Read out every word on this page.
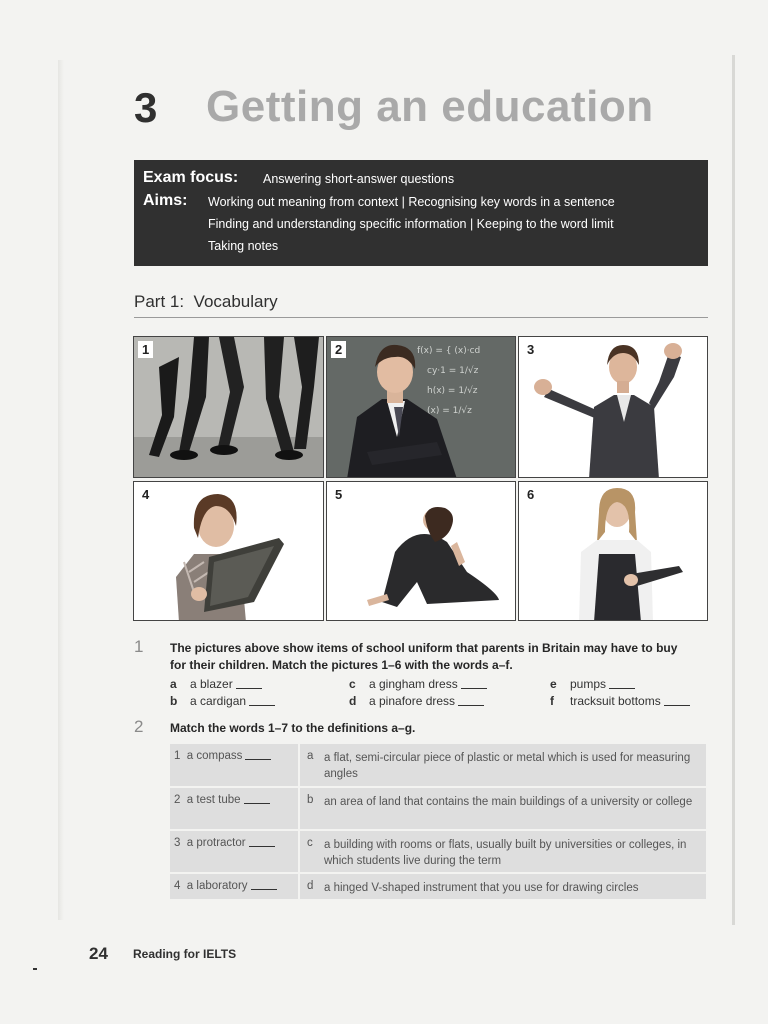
3 Getting an education
Exam focus: Answering short-answer questions
Aims: Working out meaning from context | Recognising key words in a sentence
Finding and understanding specific information | Keeping to the word limit
Taking notes
Part 1: Vocabulary
1	f(x) = { (x)·cd
cy·1 = 1/√z
h(x) = 1/√z
(x) = 1/√z
2	3
4	5	6
1 The pictures above show items of school uniform that parents in Britain may have to buy
for their children. Match the pictures 1–6 with the words a–f.
a a blazer
b a cardigan
c a gingham dress
d a pinafore dress
e pumps
f tracksuit bottoms
2 Match the words 1–7 to the definitions a–g.
1 a compass	a a flat, semi-circular piece of plastic or metal which is used for measuring angles
2 a test tube	b an area of land that contains the main buildings of a university or college
3 a protractor	c a building with rooms or flats, usually built by universities or colleges, in which students live during the term
4 a laboratory	d a hinged V-shaped instrument that you use for drawing circles
24 Reading for IELTS
